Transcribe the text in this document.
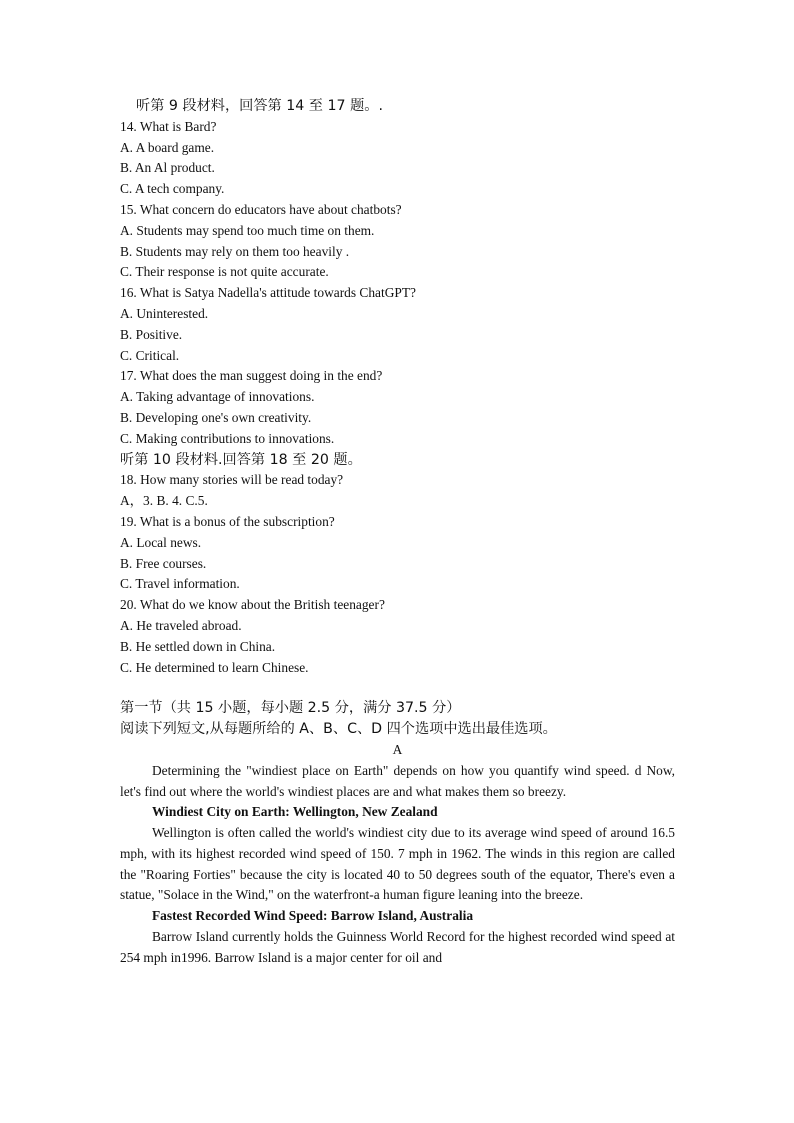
听第 9 段材料，回答第 14 至 17 题。.
14. What is Bard?
A. A board game.
B. An Al product.
C. A tech company.
15. What concern do educators have about chatbots?
A. Students may spend too much time on them.
B. Students may rely on them too heavily .
C. Their response is not quite accurate.
16. What is Satya Nadella's attitude towards ChatGPT?
A. Uninterested.
B. Positive.
C. Critical.
17. What does the man suggest doing in the end?
A. Taking advantage of innovations.
B. Developing one's own creativity.
C. Making contributions to innovations.
听第 10 段材料.回答第 18 至 20 题。
18. How many stories will be read today?
A，3. B. 4. C.5.
19. What is a bonus of the subscription?
A. Local news.
B. Free courses.
C. Travel information.
20. What do we know about the British teenager?
A. He traveled abroad.
B. He settled down in China.
C. He determined to learn Chinese.
第一节（共 15 小题，每小题 2.5 分，满分 37.5 分）
阅读下列短文,从每题所给的 A、B、C、D 四个选项中选出最佳选项。
A
Determining the "windiest place on Earth" depends on how you quantify wind speed. d Now, let's find out where the world's windiest places are and what makes them so breezy.
Windiest City on Earth: Wellington, New Zealand
Wellington is often called the world's windiest city due to its average wind speed of around 16.5 mph, with its highest recorded wind speed of 150. 7 mph in 1962. The winds in this region are called the "Roaring Forties" because the city is located 40 to 50 degrees south of the equator, There's even a statue, "Solace in the Wind," on the waterfront-a human figure leaning into the breeze.
Fastest Recorded Wind Speed: Barrow Island, Australia
Barrow Island currently holds the Guinness World Record for the highest recorded wind speed at 254 mph in1996. Barrow Island is a major center for oil and
